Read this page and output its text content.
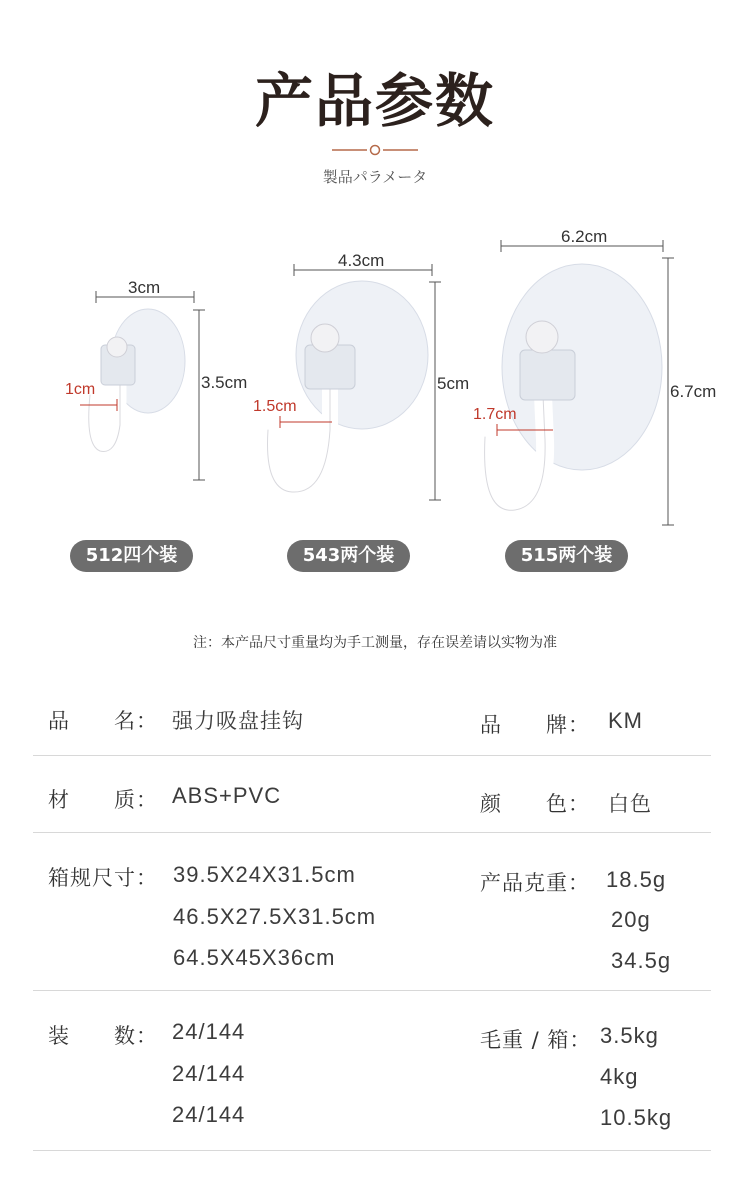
产品参数
製品パラメータ
3cm
3.5cm
1cm
512四个装
4.3cm
5cm
1.5cm
543两个装
6.2cm
6.7cm
1.7cm
515两个装
注：本产品尺寸重量均为手工测量，存在误差请以实物为准
品　　名： 强力吸盘挂钩	品　　牌： KM
材　　质： ABS+PVC	颜　　色： 白色
箱规尺寸： 39.5X24X31.5cm
46.5X27.5X31.5cm
64.5X45X36cm
产品克重： 18.5g
20g
34.5g
装　　数： 24/144
24/144
24/144
毛重 / 箱： 3.5kg
4kg
10.5kg
